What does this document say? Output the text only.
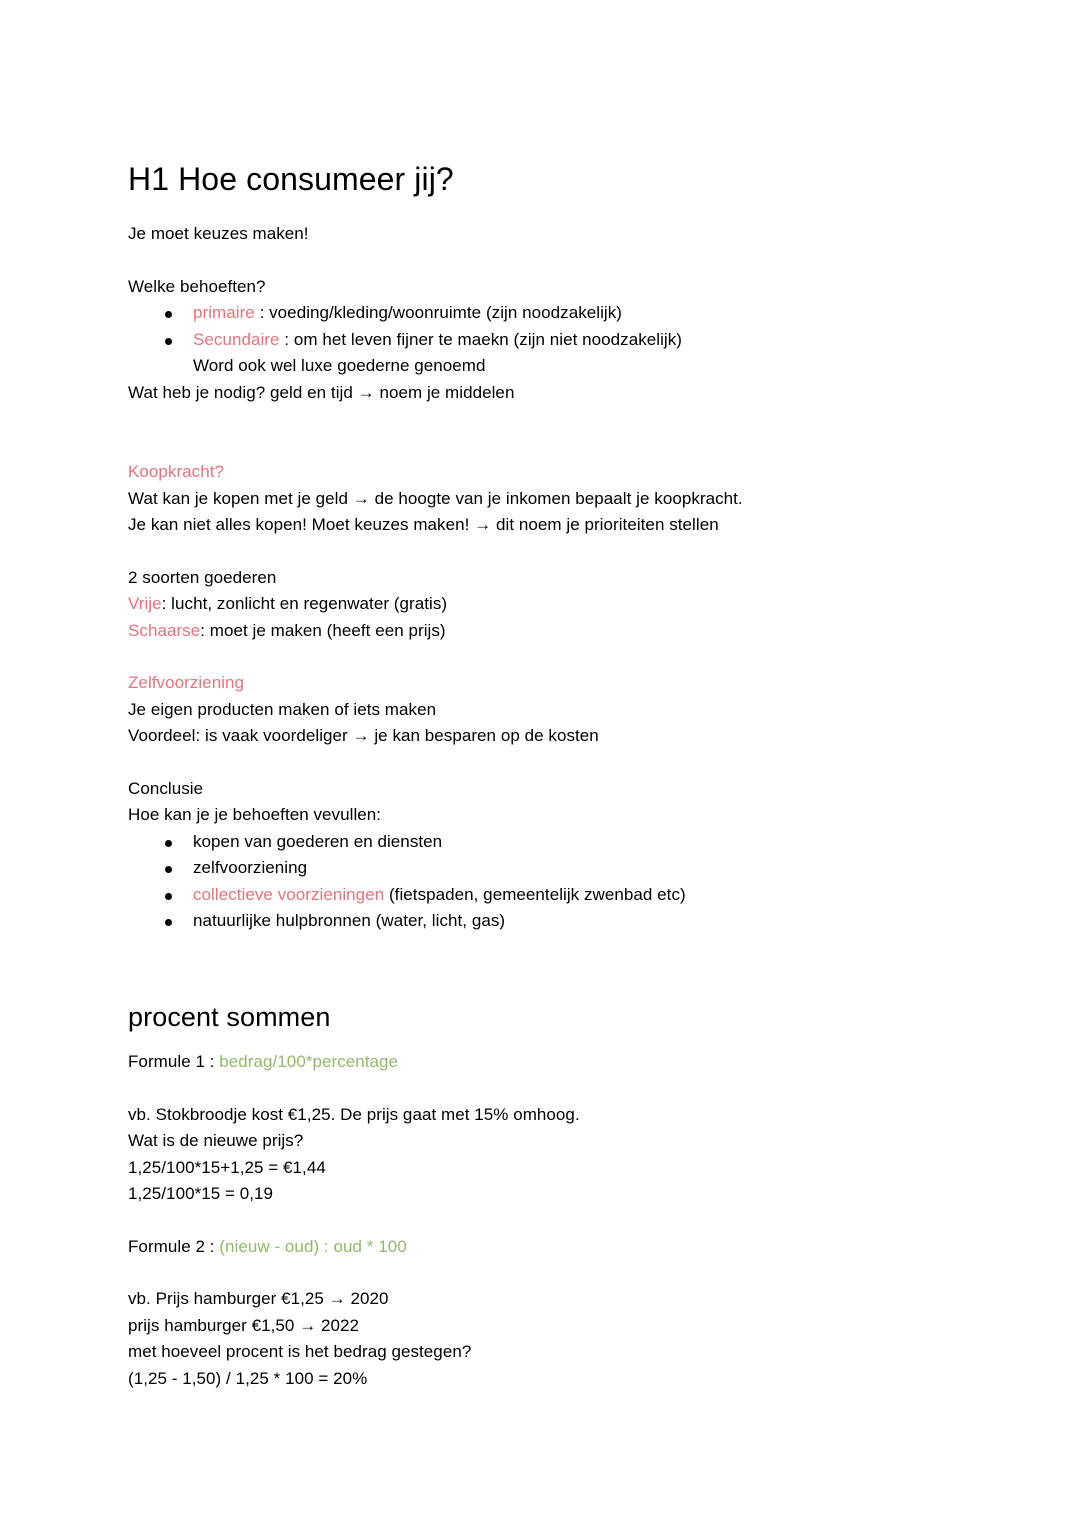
H1 Hoe consumeer jij?

Je moet keuzes maken!

Welke behoeften?

primaire : voeding/kleding/woonruimte (zijn noodzakelijk)
Secundaire : om het leven fijner te maekn (zijn niet noodzakelijk)
Word ook wel luxe goederne genoemd

Wat heb je nodig? geld en tijd → noem je middelen

Koopkracht?

Wat kan je kopen met je geld → de hoogte van je inkomen bepaalt je koopkracht.

Je kan niet alles kopen! Moet keuzes maken! → dit noem je prioriteiten stellen

2 soorten goederen

Vrije: lucht, zonlicht en regenwater (gratis)

Schaarse: moet je maken (heeft een prijs)

Zelfvoorziening

Je eigen producten maken of iets maken

Voordeel: is vaak voordeliger → je kan besparen op de kosten

Conclusie

Hoe kan je je behoeften vevullen:

kopen van goederen en diensten
zelfvoorziening
collectieve voorzieningen (fietspaden, gemeentelijk zwenbad etc)
natuurlijke hulpbronnen (water, licht, gas)
procent sommen

Formule 1 : bedrag/100*percentage

vb. Stokbroodje kost €1,25. De prijs gaat met 15% omhoog.

Wat is de nieuwe prijs?

1,25/100*15+1,25 = €1,44

1,25/100*15 = 0,19

Formule 2 : (nieuw - oud) : oud * 100

vb. Prijs hamburger €1,25 → 2020

prijs hamburger €1,50 → 2022

met hoeveel procent is het bedrag gestegen?

(1,25 - 1,50) / 1,25 * 100 = 20%
